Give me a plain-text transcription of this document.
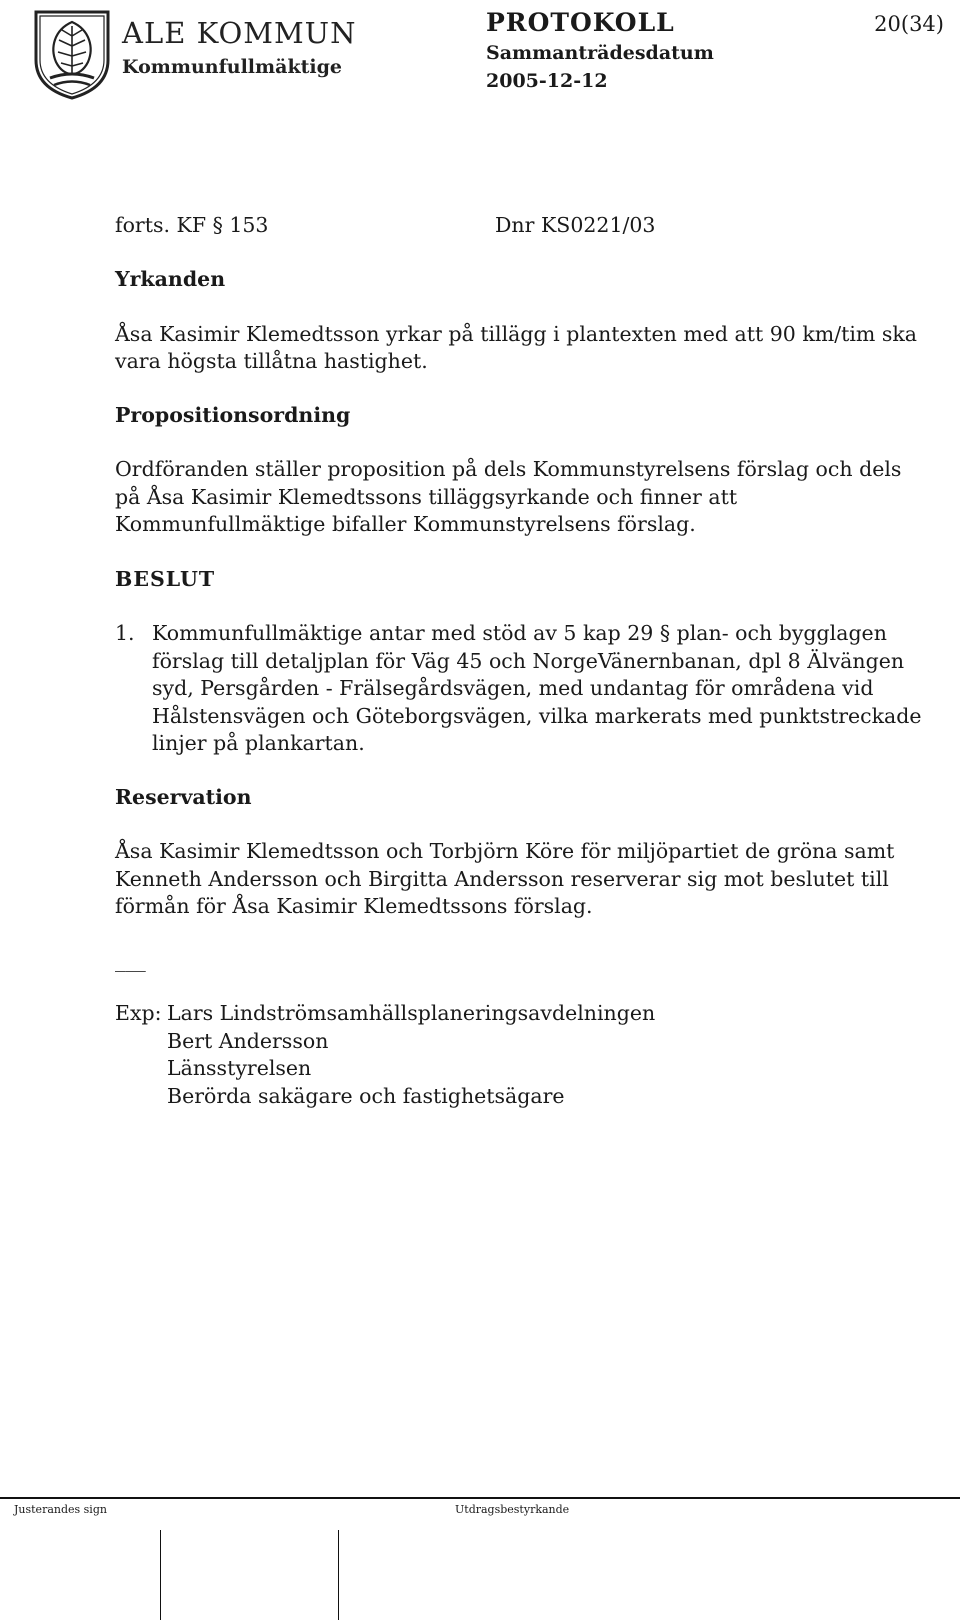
ALE KOMMUN
Kommunfullmäktige
PROTOKOLL	20(34)
Sammanträdesdatum
2005-12-12
forts. KF § 153	Dnr KS0221/03
Yrkanden
Åsa Kasimir Klemedtsson yrkar på tillägg i plantexten med att 90 km/tim ska vara högsta tillåtna hastighet.
Propositionsordning
Ordföranden ställer proposition på dels Kommunstyrelsens förslag och dels på Åsa Kasimir Klemedtssons tilläggsyrkande och finner att Kommunfullmäktige bifaller Kommunstyrelsens förslag.
BESLUT
1. Kommunfullmäktige antar med stöd av 5 kap 29 § plan- och bygglagen förslag till detaljplan för Väg 45 och NorgeVänernbanan, dpl 8 Älvängen syd, Persgården - Frälsegårdsvägen, med undantag för områdena vid Hålstensvägen och Göteborgsvägen, vilka markerats med punktstreckade linjer på plankartan.
Reservation
Åsa Kasimir Klemedtsson och Torbjörn Köre för miljöpartiet de gröna samt Kenneth Andersson och Birgitta Andersson reserverar sig mot beslutet till förmån för Åsa Kasimir Klemedtssons förslag.
___
Exp: Lars Lindströmsamhällsplaneringsavdelningen
Bert Andersson
Länsstyrelsen
Berörda sakägare och fastighetsägare
Justerandes sign	Utdragsbestyrkande
